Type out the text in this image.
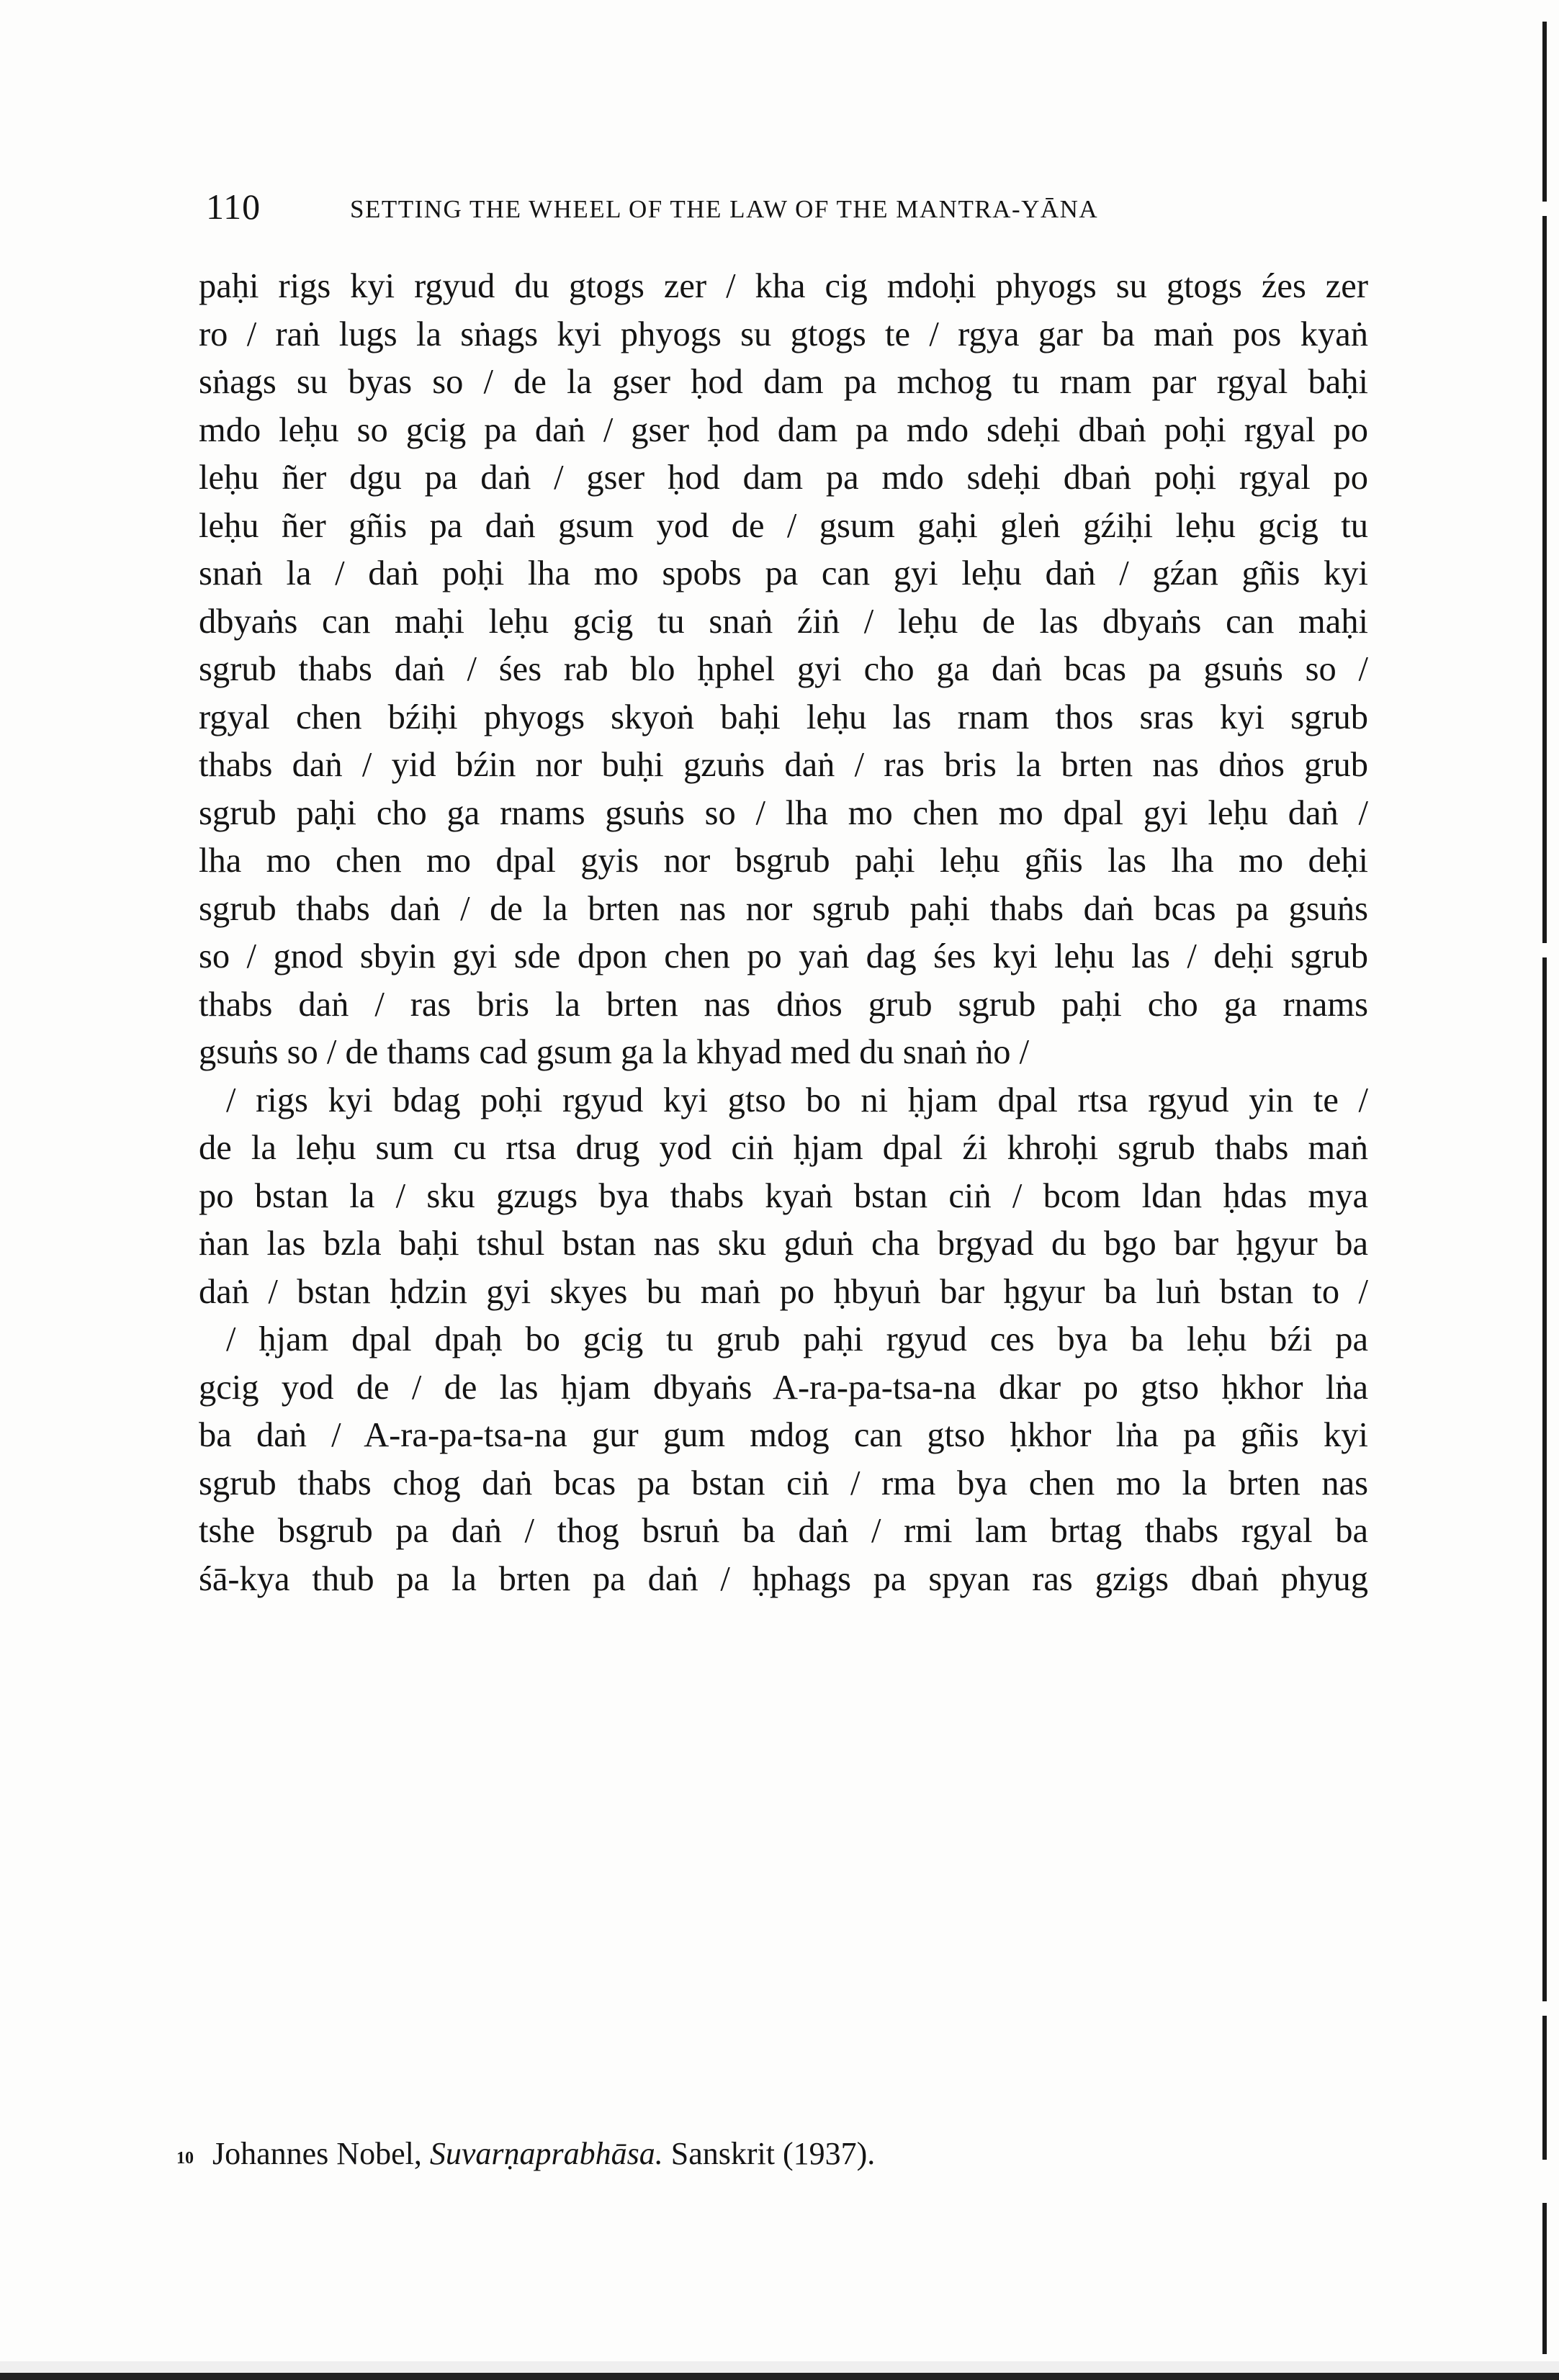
110	SETTING THE WHEEL OF THE LAW OF THE MANTRA-YĀNA
paḥi rigs kyi rgyud du gtogs zer / kha cig mdoḥi phyogs su gtogs źes zer
ro / raṅ lugs la sṅags kyi phyogs su gtogs te / rgya gar ba maṅ pos kyaṅ
sṅags su byas so / de la gser ḥod dam pa mchog tu rnam par rgyal baḥi
mdo leḥu so gcig pa daṅ / gser ḥod dam pa mdo sdeḥi dbaṅ poḥi rgyal po
leḥu ñer dgu pa daṅ / gser ḥod dam pa mdo sdeḥi dbaṅ poḥi rgyal po
leḥu ñer gñis pa daṅ gsum yod de / gsum gaḥi gleṅ gźiḥi leḥu gcig tu
snaṅ la / daṅ poḥi lha mo spobs pa can gyi leḥu daṅ / gźan gñis kyi
dbyaṅs can maḥi leḥu gcig tu snaṅ źiṅ / leḥu de las dbyaṅs can maḥi
sgrub thabs daṅ / śes rab blo ḥphel gyi cho ga daṅ bcas pa gsuṅs so /
rgyal chen bźiḥi phyogs skyoṅ baḥi leḥu las rnam thos sras kyi sgrub
thabs daṅ / yid bźin nor buḥi gzuṅs daṅ / ras bris la brten nas dṅos grub
sgrub paḥi cho ga rnams gsuṅs so / lha mo chen mo dpal gyi leḥu daṅ /
lha mo chen mo dpal gyis nor bsgrub paḥi leḥu gñis las lha mo deḥi
sgrub thabs daṅ / de la brten nas nor sgrub paḥi thabs daṅ bcas pa gsuṅs
so / gnod sbyin gyi sde dpon chen po yaṅ dag śes kyi leḥu las / deḥi sgrub
thabs daṅ / ras bris la brten nas dṅos grub sgrub paḥi cho ga rnams
gsuṅs so / de thams cad gsum ga la khyad med du snaṅ ṅo /
/ rigs kyi bdag poḥi rgyud kyi gtso bo ni ḥjam dpal rtsa rgyud yin te /
de la leḥu sum cu rtsa drug yod ciṅ ḥjam dpal źi khroḥi sgrub thabs maṅ
po bstan la / sku gzugs bya thabs kyaṅ bstan ciṅ / bcom ldan ḥdas mya
ṅan las bzla baḥi tshul bstan nas sku gduṅ cha brgyad du bgo bar ḥgyur ba
daṅ / bstan ḥdzin gyi skyes bu maṅ po ḥbyuṅ bar ḥgyur ba luṅ bstan to /
/ ḥjam dpal dpaḥ bo gcig tu grub paḥi rgyud ces bya ba leḥu bźi pa
gcig yod de / de las ḥjam dbyaṅs A-ra-pa-tsa-na dkar po gtso ḥkhor lṅa
ba daṅ / A-ra-pa-tsa-na gur gum mdog can gtso ḥkhor lṅa pa gñis kyi
sgrub thabs chog daṅ bcas pa bstan ciṅ / rma bya chen mo la brten nas
tshe bsgrub pa daṅ / thog bsruṅ ba daṅ / rmi lam brtag thabs rgyal ba
śā-kya thub pa la brten pa daṅ / ḥphags pa spyan ras gzigs dbaṅ phyug
$^{10}$ Johannes Nobel, Suvarṇaprabhāsa. Sanskrit (1937).
